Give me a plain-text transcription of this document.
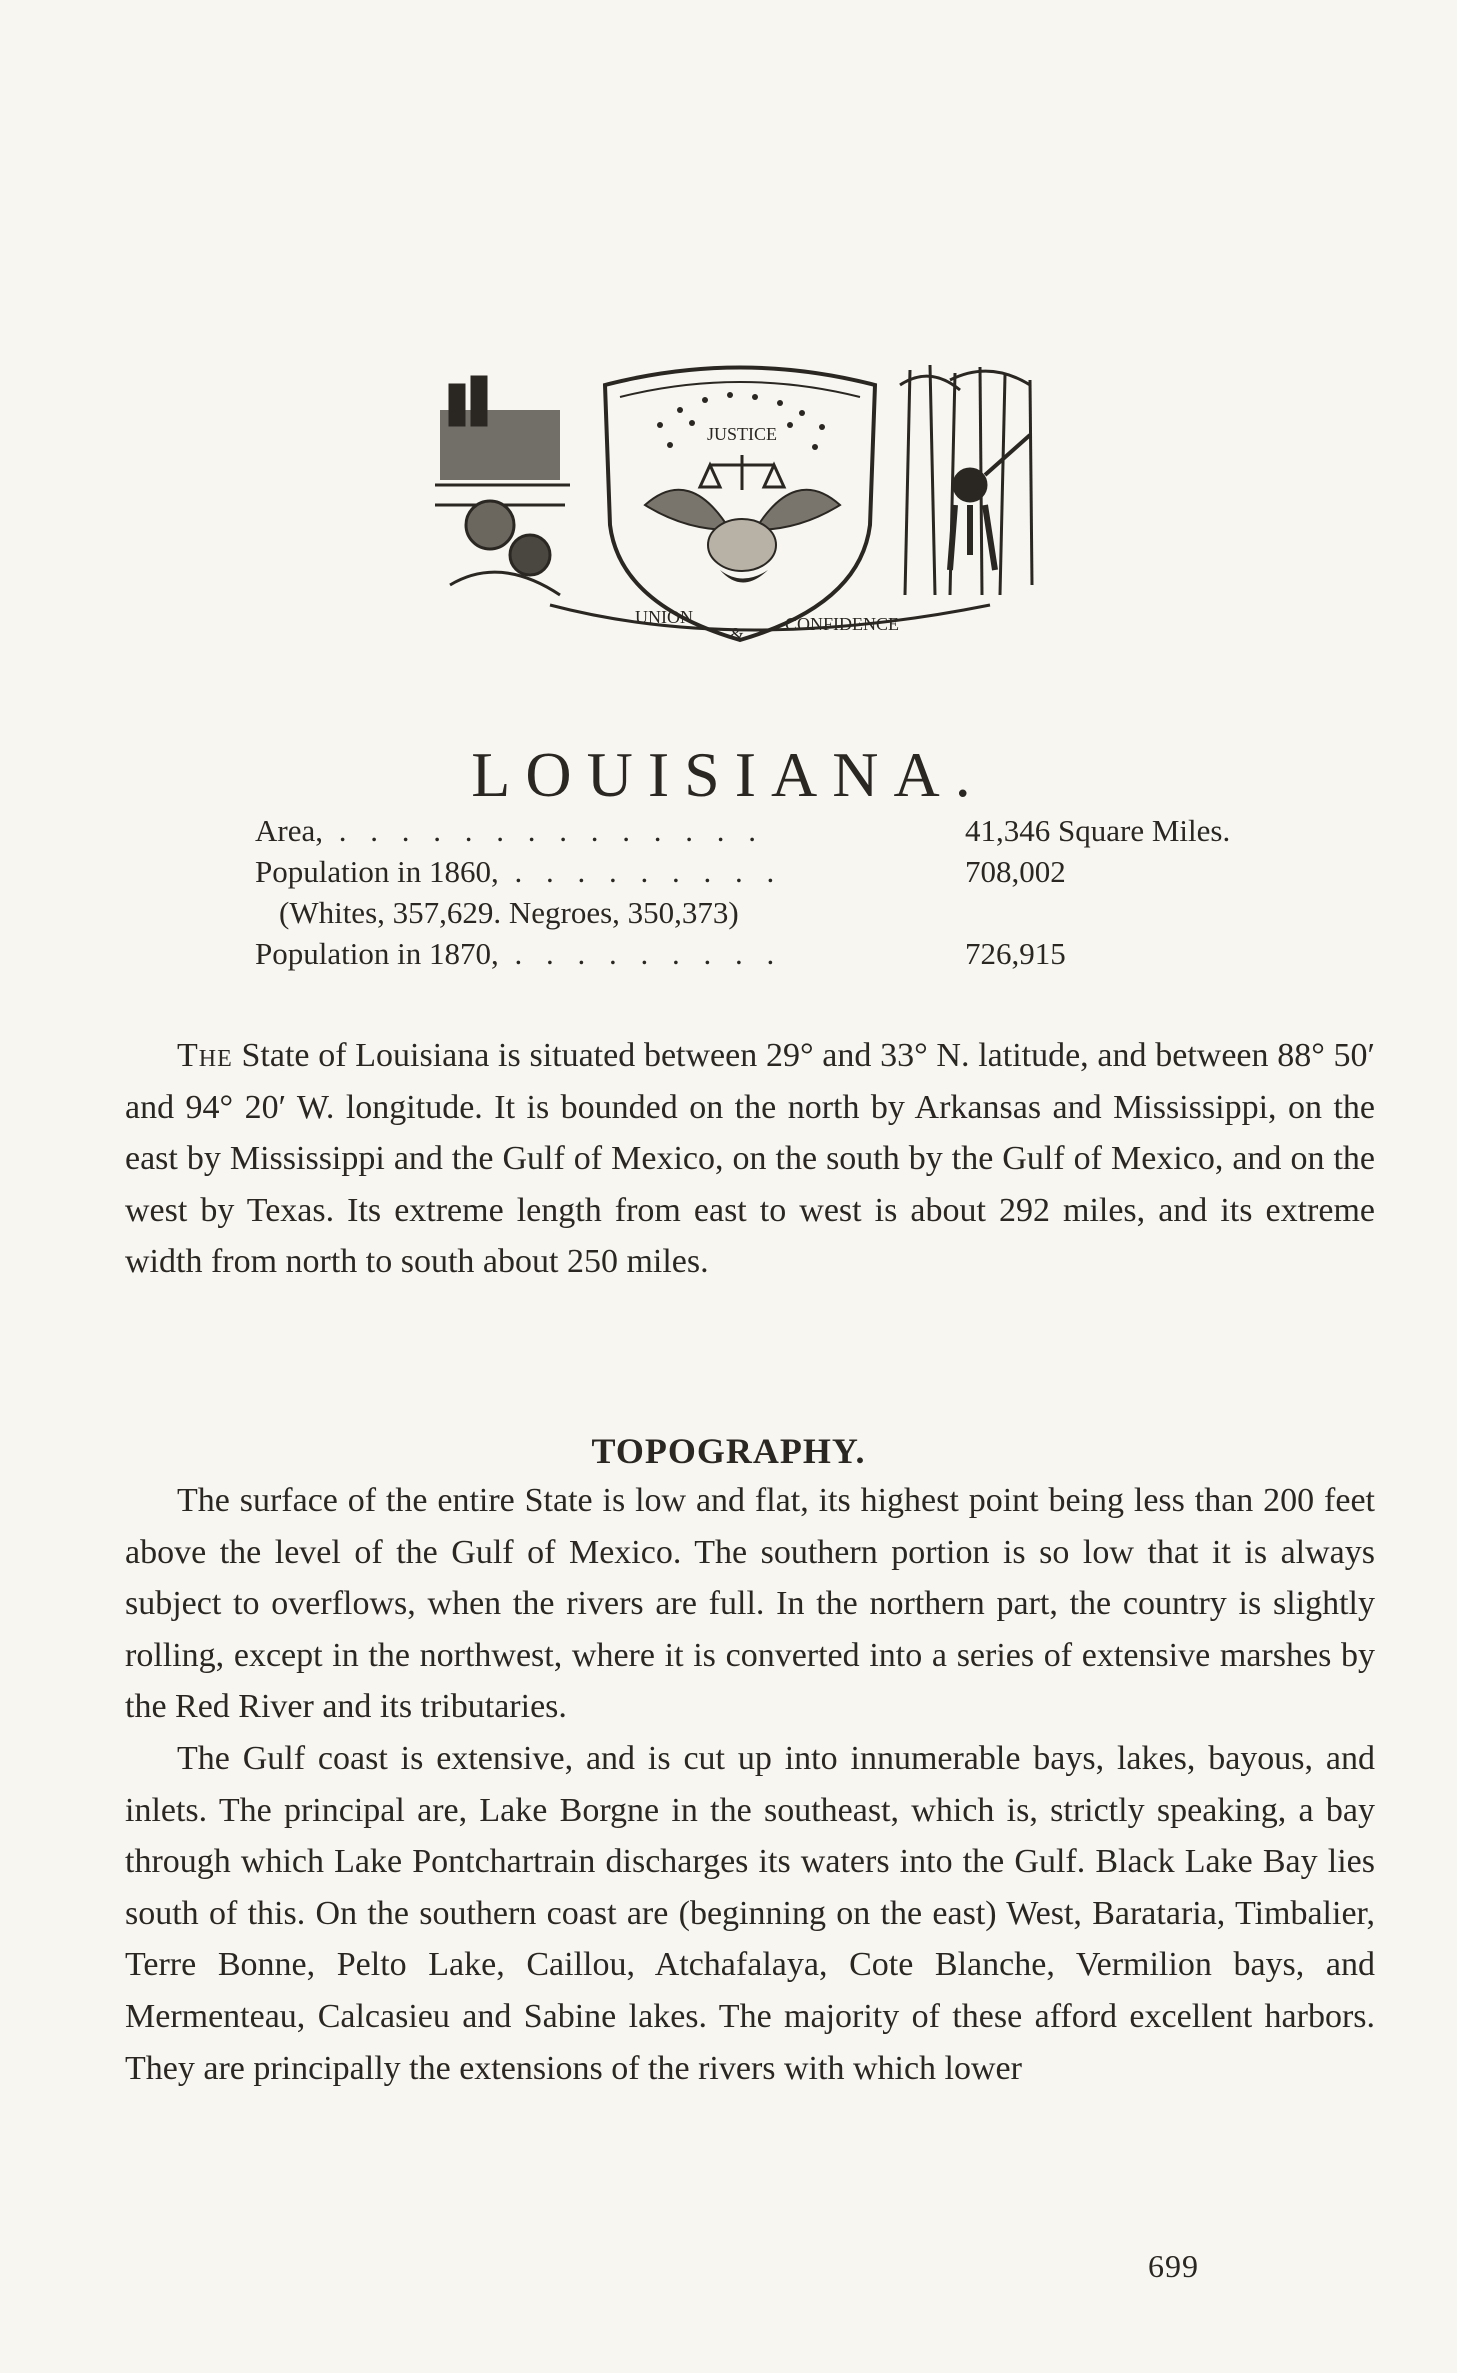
JUSTICE
UNION
& CONFIDENCE
LOUISIANA.
Area, . . . . . . . . . . . . . .	41,346 Square Miles.
Population in 1860, . . . . . . . . .	708,002
(Whites, 357,629. Negroes, 350,373)
Population in 1870, . . . . . . . . .	726,915

The State of Louisiana is situated between 29° and 33° N. latitude, and between 88° 50′ and 94° 20′ W. longitude. It is bounded on the north by Arkansas and Mississippi, on the east by Mississippi and the Gulf of Mexico, on the south by the Gulf of Mexico, and on the west by Texas. Its extreme length from east to west is about 292 miles, and its extreme width from north to south about 250 miles.

TOPOGRAPHY.

The surface of the entire State is low and flat, its highest point being less than 200 feet above the level of the Gulf of Mexico. The southern portion is so low that it is always subject to overflows, when the rivers are full. In the northern part, the country is slightly rolling, except in the northwest, where it is converted into a series of extensive marshes by the Red River and its tributaries.

The Gulf coast is extensive, and is cut up into innumerable bays, lakes, bayous, and inlets. The principal are, Lake Borgne in the southeast, which is, strictly speaking, a bay through which Lake Pontchartrain discharges its waters into the Gulf. Black Lake Bay lies south of this. On the southern coast are (beginning on the east) West, Barataria, Timbalier, Terre Bonne, Pelto Lake, Caillou, Atchafalaya, Cote Blanche, Vermilion bays, and Mermenteau, Calcasieu and Sabine lakes. The majority of these afford excellent harbors. They are principally the extensions of the rivers with which lower

699
